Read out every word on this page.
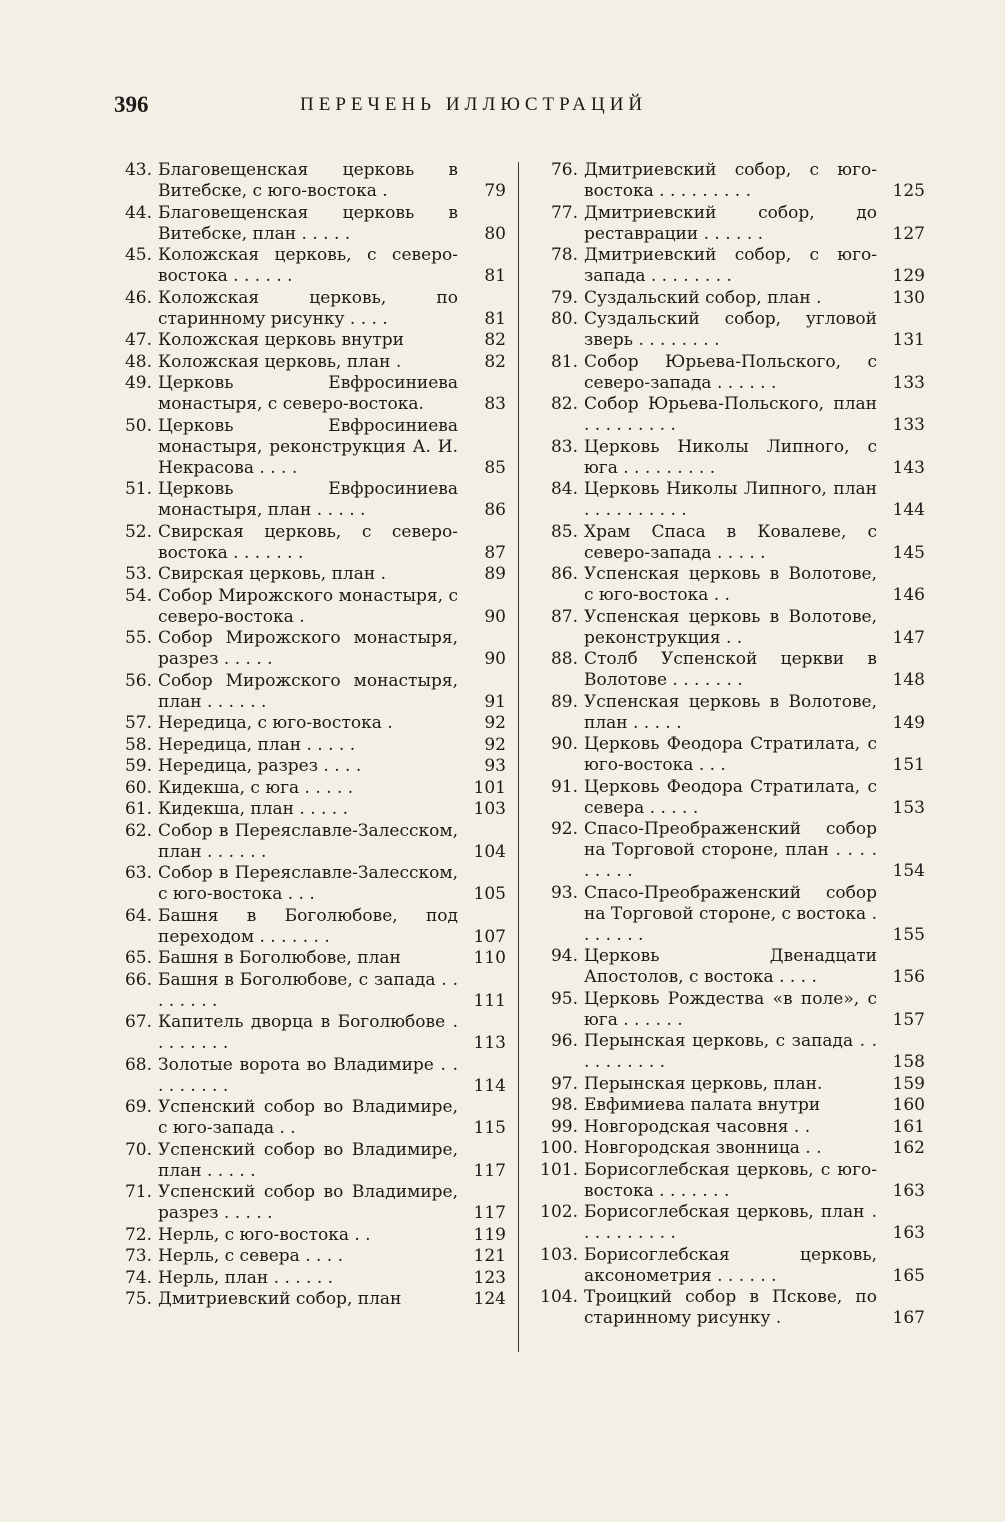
396	ПЕРЕЧЕНЬ ИЛЛЮСТРАЦИЙ
43. Благовещенская церковь в Витебске, с юго-востока .	79
44. Благовещенская церковь в Витебске, план . . . . .	80
45. Коложская церковь, с северо-востока . . . . . .	81
46. Коложская церковь, по старинному рисунку . . . .	81
47. Коложская церковь внутри	82
48. Коложская церковь, план .	82
49. Церковь Евфросиниева монастыря, с северо-востока.	83
50. Церковь Евфросиниева монастыря, реконструкция А. И. Некрасова . . . .	85
51. Церковь Евфросиниева монастыря, план . . . . .	86
52. Свирская церковь, с северо-востока . . . . . . .	87
53. Свирская церковь, план .	89
54. Собор Мирожского монастыря, с северо-востока .	90
55. Собор Мирожского монастыря, разрез . . . . .	90
56. Собор Мирожского монастыря, план . . . . . .	91
57. Нередица, с юго-востока .	92
58. Нередица, план . . . . .	92
59. Нередица, разрез . . . .	93
60. Кидекша, с юга . . . . .	101
61. Кидекша, план . . . . .	103
62. Собор в Переяславле-Залесском, план . . . . . .	104
63. Собор в Переяславле-Залесском, с юго-востока . . .	105
64. Башня в Боголюбове, под переходом . . . . . . .	107
65. Башня в Боголюбове, план	110
66. Башня в Боголюбове, с запада . . . . . . . .	111
67. Капитель дворца в Боголюбове . . . . . . . .	113
68. Золотые ворота во Владимире . . . . . . . . .	114
69. Успенский собор во Владимире, с юго-запада . .	115
70. Успенский собор во Владимире, план . . . . .	117
71. Успенский собор во Владимире, разрез . . . . .	117
72. Нерль, с юго-востока . .	119
73. Нерль, с севера . . . .	121
74. Нерль, план . . . . . .	123
75. Дмитриевский собор, план	124
76. Дмитриевский собор, с юго-востока . . . . . . . . .	125
77. Дмитриевский собор, до реставрации . . . . . .	127
78. Дмитриевский собор, с юго-запада . . . . . . . .	129
79. Суздальский собор, план .	130
80. Суздальский собор, угловой зверь . . . . . . . .	131
81. Собор Юрьева-Польского, с северо-запада . . . . . .	133
82. Собор Юрьева-Польского, план . . . . . . . . .	133
83. Церковь Николы Липного, с юга . . . . . . . . .	143
84. Церковь Николы Липного, план . . . . . . . . . .	144
85. Храм Спаса в Ковалеве, с северо-запада . . . . .	145
86. Успенская церковь в Волотове, с юго-востока . .	146
87. Успенская церковь в Волотове, реконструкция . .	147
88. Столб Успенской церкви в Волотове . . . . . . .	148
89. Успенская церковь в Волотове, план . . . . .	149
90. Церковь Феодора Стратилата, с юго-востока . . .	151
91. Церковь Феодора Стратилата, с севера . . . . .	153
92. Спасо-Преображенский собор на Торговой стороне, план . . . . . . . . .	154
93. Спасо-Преображенский собор на Торговой стороне, с востока . . . . . . .	155
94. Церковь Двенадцати Апостолов, с востока . . . .	156
95. Церковь Рождества «в поле», с юга . . . . . .	157
96. Перынская церковь, с запада . . . . . . . . . .	158
97. Перынская церковь, план.	159
98. Евфимиева палата внутри	160
99. Новгородская часовня . .	161
100. Новгородская звонница . .	162
101. Борисоглебская церковь, с юго-востока . . . . . . .	163
102. Борисоглебская церковь, план . . . . . . . . . .	163
103. Борисоглебская церковь, аксонометрия . . . . . .	165
104. Троицкий собор в Пскове, по старинному рисунку .	167
